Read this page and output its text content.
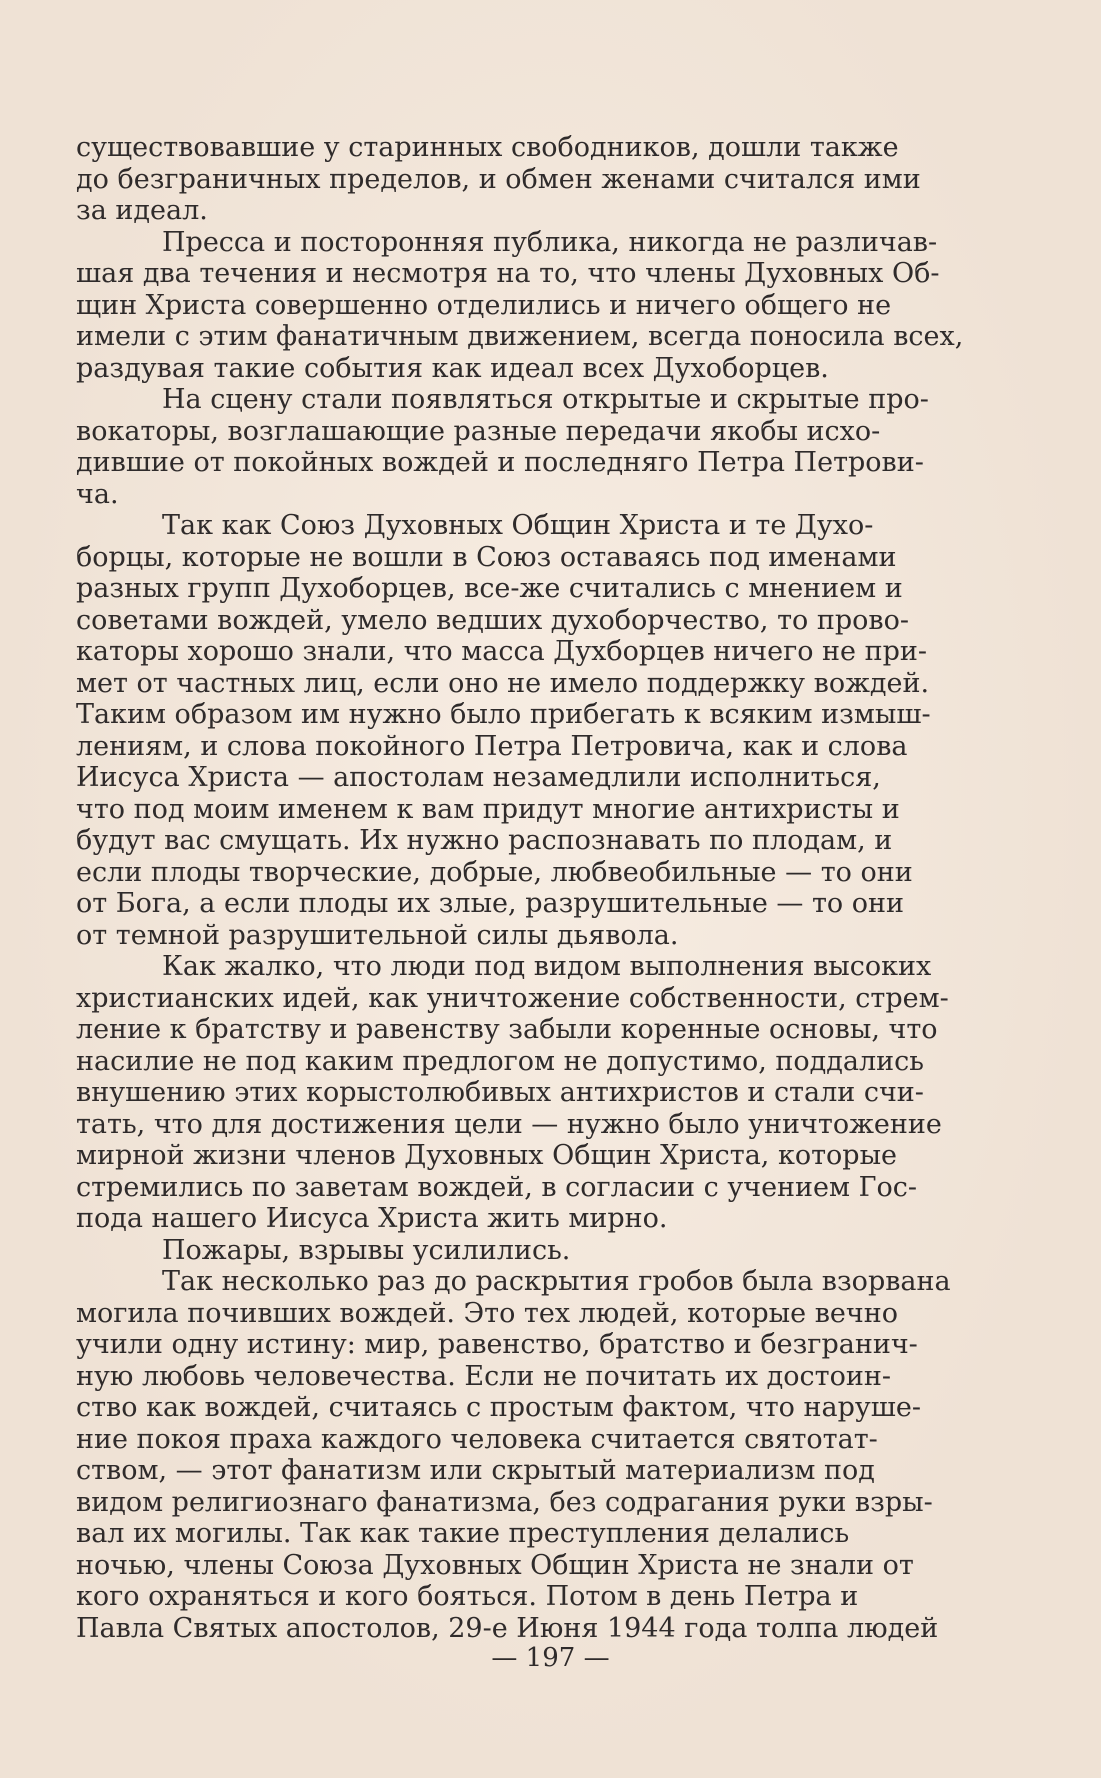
существовавшие у старинных свободников, дошли также
до безграничных пределов, и обмен женами считался ими
за идеал.
Пресса и посторонняя публика, никогда не различав-
шая два течения и несмотря на то, что члены Духовных Об-
щин Христа совершенно отделились и ничего общего не
имели с этим фанатичным движением, всегда поносила всех,
раздувая такие события как идеал всех Духоборцев.
На сцену стали появляться открытые и скрытые про-
вокаторы, возглашающие разные передачи якобы исхо-
дившие от покойных вождей и последняго Петра Петрови-
ча.
Так как Союз Духовных Общин Христа и те Духо-
борцы, которые не вошли в Союз оставаясь под именами
разных групп Духоборцев, все-же считались с мнением и
советами вождей, умело ведших духоборчество, то прово-
каторы хорошо знали, что масса Духборцев ничего не при-
мет от частных лиц, если оно не имело поддержку вождей.
Таким образом им нужно было прибегать к всяким измыш-
лениям, и слова покойного Петра Петровича, как и слова
Иисуса Христа — апостолам незамедлили исполниться,
что под моим именем к вам придут многие антихристы и
будут вас смущать. Их нужно распознавать по плодам, и
если плоды творческие, добрые, любвеобильные — то они
от Бога, а если плоды их злые, разрушительные — то они
от темной разрушительной силы дьявола.
Как жалко, что люди под видом выполнения высоких
христианских идей, как уничтожение собственности, стрем-
ление к братству и равенству забыли коренные основы, что
насилие не под каким предлогом не допустимо, поддались
внушению этих корыстолюбивых антихристов и стали счи-
тать, что для достижения цели — нужно было уничтожение
мирной жизни членов Духовных Общин Христа, которые
стремились по заветам вождей, в согласии с учением Гос-
пода нашего Иисуса Христа жить мирно.
Пожары, взрывы усилились.
Так несколько раз до раскрытия гробов была взорвана
могила почивших вождей. Это тех людей, которые вечно
учили одну истину: мир, равенство, братство и безгранич-
ную любовь человечества. Если не почитать их достоин-
ство как вождей, считаясь с простым фактом, что наруше-
ние покоя праха каждого человека считается святотат-
ством, — этот фанатизм или скрытый материализм под
видом религиознаго фанатизма, без содрагания руки взры-
вал их могилы. Так как такие преступления делались
ночью, члены Союза Духовных Общин Христа не знали от
кого охраняться и кого бояться. Потом в день Петра и
Павла Святых апостолов, 29-е Июня 1944 года толпа людей
— 197 —
